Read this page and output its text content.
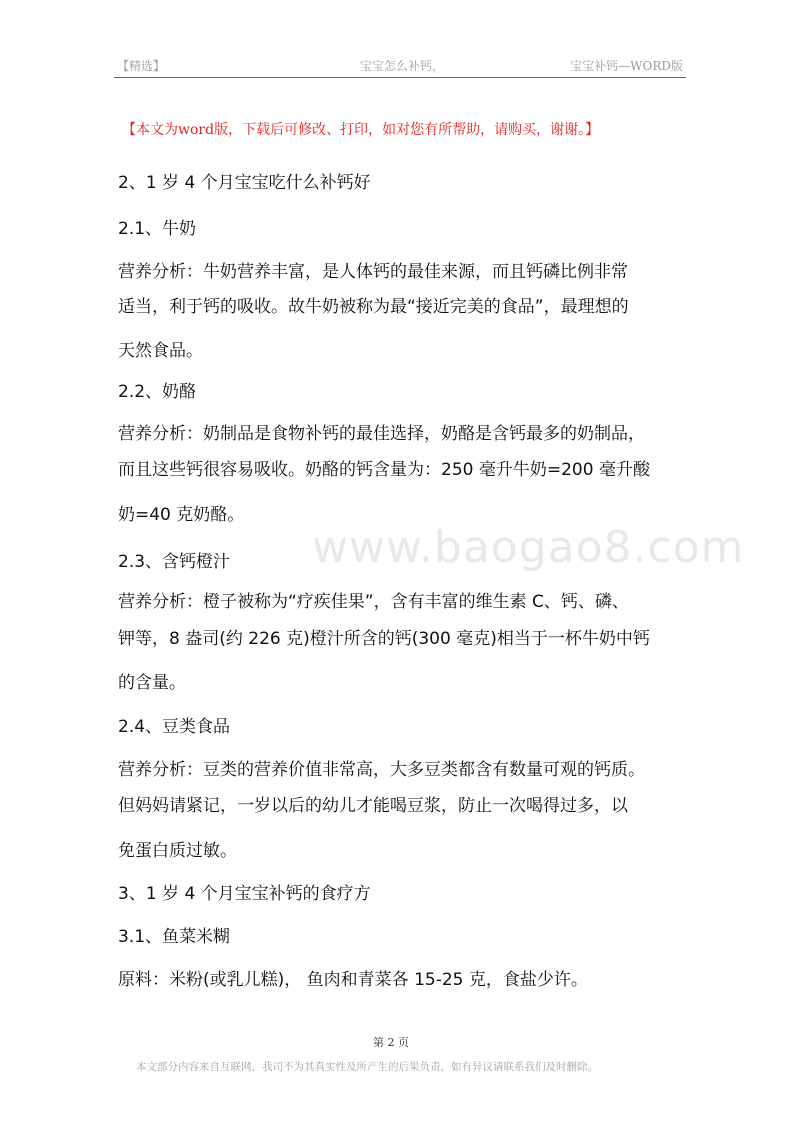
【精选】	宝宝怎么补钙，	宝宝补钙—WORD版
【本文为word版，下载后可修改、打印，如对您有所帮助，请购买，谢谢。】
www.baogao8.com
2、1 岁 4 个月宝宝吃什么补钙好
2.1、牛奶
营养分析：牛奶营养丰富，是人体钙的最佳来源，而且钙磷比例非常
适当，利于钙的吸收。故牛奶被称为最“接近完美的食品”，最理想的
天然食品。
2.2、奶酪
营养分析：奶制品是食物补钙的最佳选择，奶酪是含钙最多的奶制品，
而且这些钙很容易吸收。奶酪的钙含量为：250 毫升牛奶=200 毫升酸
奶=40 克奶酪。
2.3、含钙橙汁
营养分析：橙子被称为“疗疾佳果”，含有丰富的维生素 C、钙、磷、
钾等，8 盎司(约 226 克)橙汁所含的钙(300 毫克)相当于一杯牛奶中钙
的含量。
2.4、豆类食品
营养分析：豆类的营养价值非常高，大多豆类都含有数量可观的钙质。
但妈妈请紧记，一岁以后的幼儿才能喝豆浆，防止一次喝得过多，以
免蛋白质过敏。
3、1 岁 4 个月宝宝补钙的食疗方
3.1、鱼菜米糊
原料：米粉(或乳儿糕)， 鱼肉和青菜各 15-25 克，食盐少许。
第 2 页
本文部分内容来自互联网，我司不为其真实性及所产生的后果负责，如有异议请联系我们及时删除。
